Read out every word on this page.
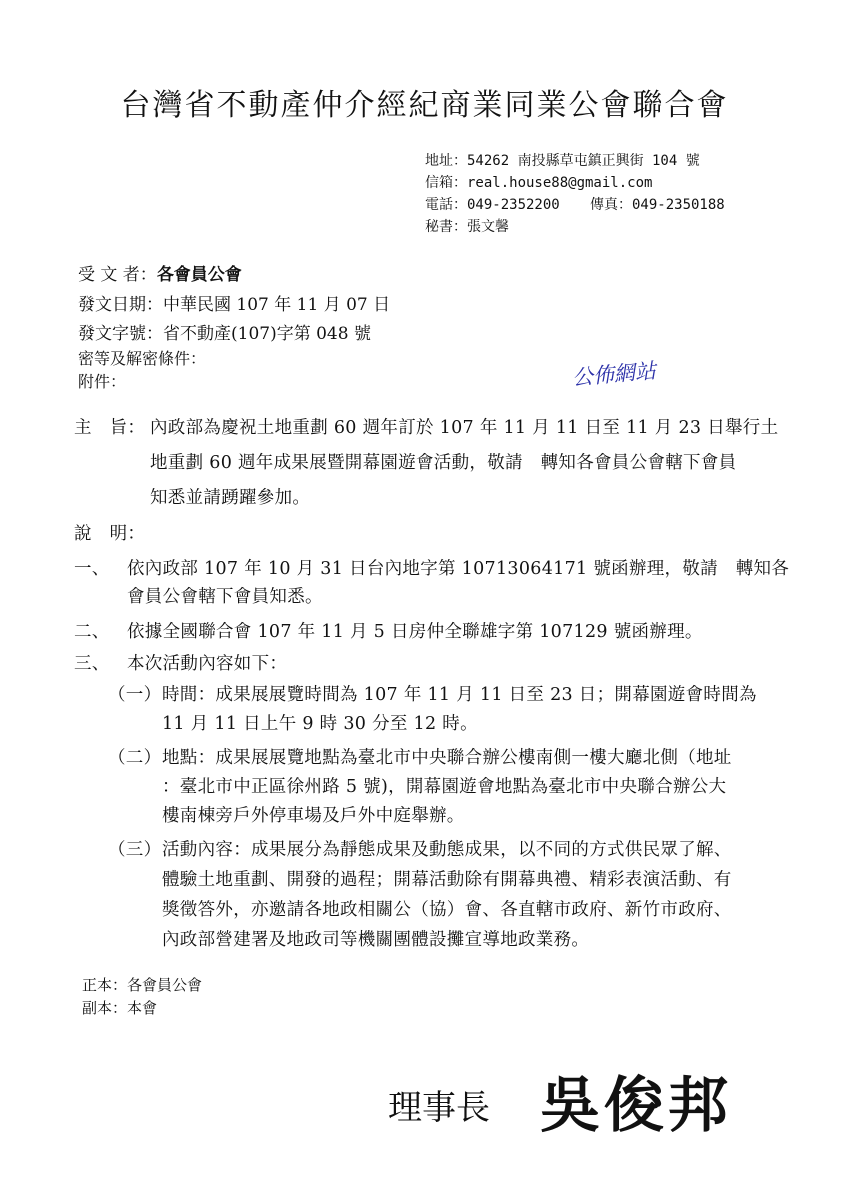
台灣省不動產仲介經紀商業同業公會聯合會
地址：54262 南投縣草屯鎮正興街 104 號
信箱：real.house88@gmail.com
電話：049-2352200 傳真：049-2350188
秘書：張文馨
受 文 者：各會員公會
發文日期：中華民國 107 年 11 月 07 日
發文字號：省不動產(107)字第 048 號
密等及解密條件：
附件：	公佈網站
主　旨： 內政部為慶祝土地重劃 60 週年訂於 107 年 11 月 11 日至 11 月 23 日舉行土
地重劃 60 週年成果展暨開幕園遊會活動，敬請　轉知各會員公會轄下會員
知悉並請踴躍參加。
說　明：
一、 依內政部 107 年 10 月 31 日台內地字第 10713064171 號函辦理，敬請　轉知各
會員公會轄下會員知悉。
二、 依據全國聯合會 107 年 11 月 5 日房仲全聯雄字第 107129 號函辦理。
三、 本次活動內容如下：
（一） 時間：成果展展覽時間為 107 年 11 月 11 日至 23 日；開幕園遊會時間為
11 月 11 日上午 9 時 30 分至 12 時。
（二） 地點：成果展展覽地點為臺北市中央聯合辦公樓南側一樓大廳北側（地址
：臺北市中正區徐州路 5 號)，開幕園遊會地點為臺北市中央聯合辦公大
樓南棟旁戶外停車場及戶外中庭舉辦。
（三） 活動內容：成果展分為靜態成果及動態成果，以不同的方式供民眾了解、
體驗土地重劃、開發的過程；開幕活動除有開幕典禮、精彩表演活動、有
獎徵答外，亦邀請各地政相關公（協）會、各直轄市政府、新竹市政府、
內政部營建署及地政司等機關團體設攤宣導地政業務。
正本：各會員公會
副本：本會
理事長 吳俊邦
